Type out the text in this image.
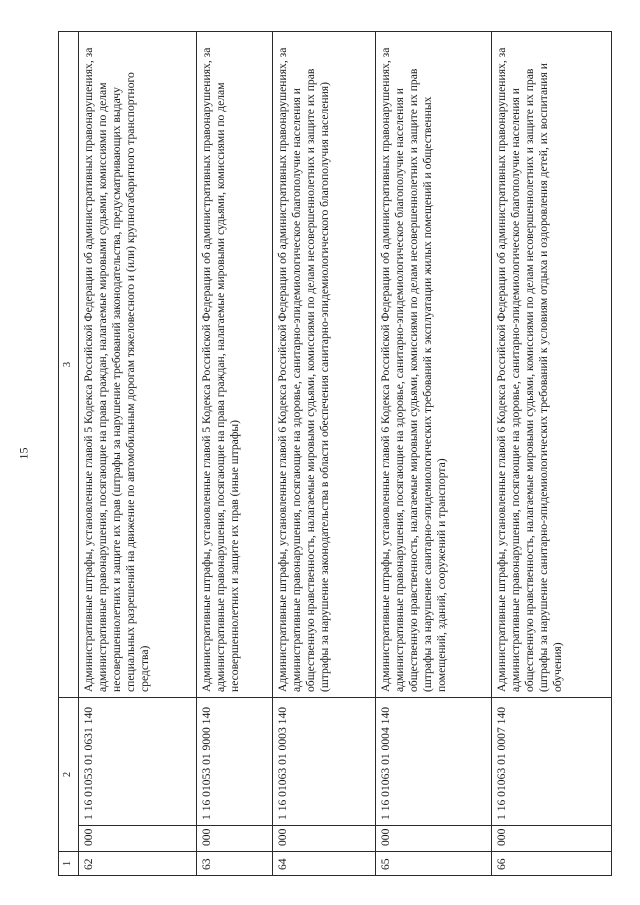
15
1	2		3
62	000	1 16 01053 01 0631 140	Административные штрафы, установленные главой 5 Кодекса Российской Федерации об административных правонарушениях, за административные правонарушения, посягающие на права граждан, налагаемые мировыми судьями, комиссиями по делам несовершеннолетних и защите их прав (штрафы за нарушение требований законодательства, предусматривающих выдачу специальных разрешений на движение по автомобильным дорогам тяжеловесного и (или) крупногабаритного транспортного средства)
63	000	1 16 01053 01 9000 140	Административные штрафы, установленные главой 5 Кодекса Российской Федерации об административных правонарушениях, за административные правонарушения, посягающие на права граждан, налагаемые мировыми судьями, комиссиями по делам несовершеннолетних и защите их прав (иные штрафы)
64	000	1 16 01063 01 0003 140	Административные штрафы, установленные главой 6 Кодекса Российской Федерации об административных правонарушениях, за административные правонарушения, посягающие на здоровье, санитарно-эпидемиологическое благополучие населения и общественную нравственность, налагаемые мировыми судьями, комиссиями по делам несовершеннолетних и защите их прав (штрафы за нарушение законодательства в области обеспечения санитарно-эпидемиологического благополучия населения)
65	000	1 16 01063 01 0004 140	Административные штрафы, установленные главой 6 Кодекса Российской Федерации об административных правонарушениях, за административные правонарушения, посягающие на здоровье, санитарно-эпидемиологическое благополучие населения и общественную нравственность, налагаемые мировыми судьями, комиссиями по делам несовершеннолетних и защите их прав (штрафы за нарушение санитарно-эпидемиологических требований к эксплуатации жилых помещений и общественных помещений, зданий, сооружений и транспорта)
66	000	1 16 01063 01 0007 140	Административные штрафы, установленные главой 6 Кодекса Российской Федерации об административных правонарушениях, за административные правонарушения, посягающие на здоровье, санитарно-эпидемиологическое благополучие населения и общественную нравственность, налагаемые мировыми судьями, комиссиями по делам несовершеннолетних и защите их прав (штрафы за нарушение санитарно-эпидемиологических требований к условиям отдыха и оздоровления детей, их воспитания и обучения)
